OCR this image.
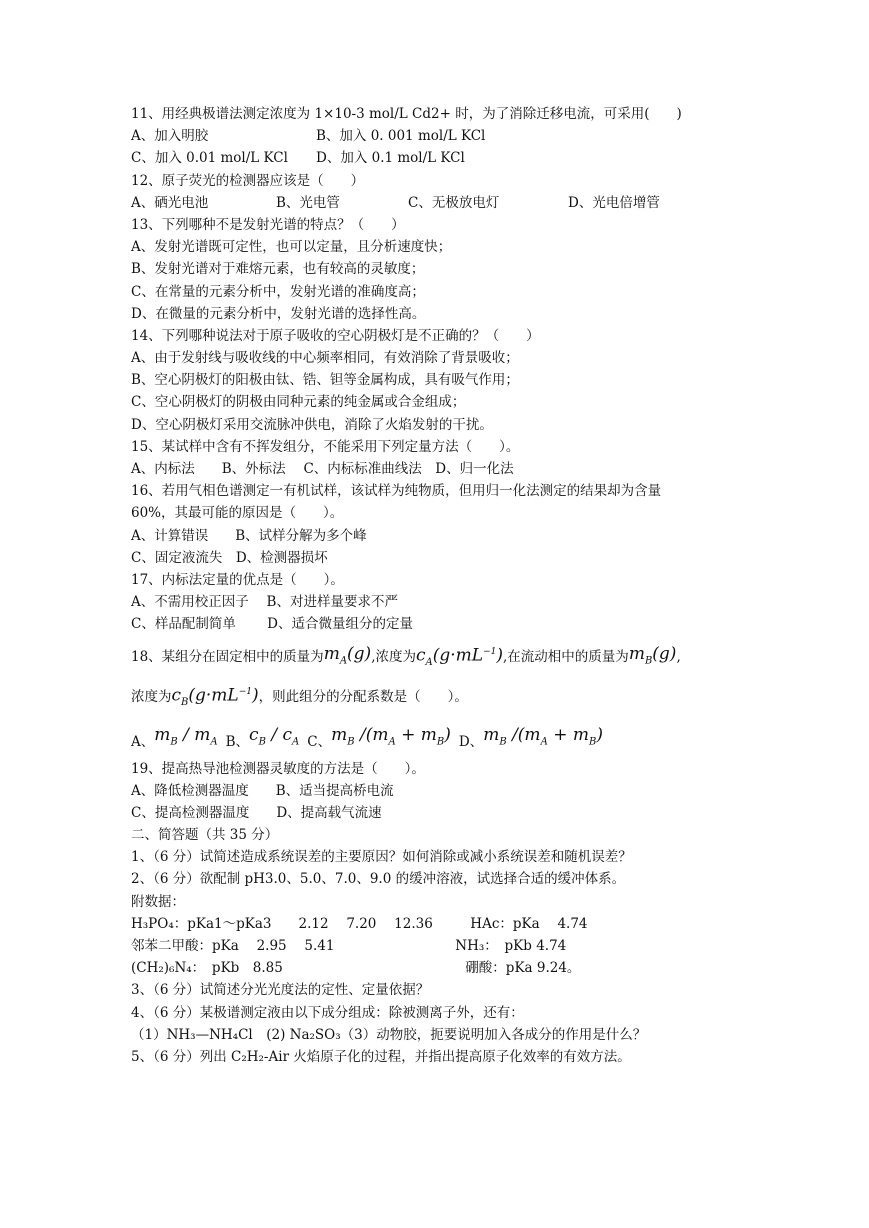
11、用经典极谱法测定浓度为 1×10-3 mol/L Cd2+ 时，为了消除迁移电流，可采用(　　)
A、加入明胶	B、加入 0. 001 mol/L KCl
C、加入 0.01 mol/L KCl	D、加入 0.1 mol/L KCl
12、原子荧光的检测器应该是（　　）
A、硒光电池	B、光电管	C、无极放电灯	D、光电倍增管
13、下列哪种不是发射光谱的特点？（　　）
A、发射光谱既可定性，也可以定量，且分析速度快；
B、发射光谱对于难熔元素，也有较高的灵敏度；
C、在常量的元素分析中，发射光谱的准确度高；
D、在微量的元素分析中，发射光谱的选择性高。
14、下列哪种说法对于原子吸收的空心阴极灯是不正确的？（　　）
A、由于发射线与吸收线的中心频率相同，有效消除了背景吸收；
B、空心阴极灯的阳极由钛、锆、钽等金属构成，具有吸气作用；
C、空心阴极灯的阴极由同种元素的纯金属或合金组成；
D、空心阴极灯采用交流脉冲供电，消除了火焰发射的干扰。
15、某试样中含有不挥发组分，不能采用下列定量方法（　　）。
A、内标法　　B、外标法　 C、内标标准曲线法　D、归一化法
16、若用气相色谱测定一有机试样，该试样为纯物质，但用归一化法测定的结果却为含量
60%，其最可能的原因是（　　）。
A、计算错误　　B、试样分解为多个峰
C、固定液流失　D、检测器损坏
17、内标法定量的优点是（　　）。
A、不需用校正因子　 B、对进样量要求不严
C、样品配制简单　　 D、适合微量组分的定量
18、某组分在固定相中的质量为 $m_A(g)$ ,浓度为 $c_A(g\cdot mL^{-1})$ ,在流动相中的质量为 $m_B(g)$ ,
浓度为 $c_B(g\cdot mL^{-1})$ ，则此组分的分配系数是（　　）。
A、 $m_B / m_A$ B、 $c_B / c_A$ C、 $m_B$ $/(m_A + m_B)$ D、 $m_B$ $/(m_A + m_B)$
19、提高热导池检测器灵敏度的方法是（　　）。
A、降低检测器温度　　B、适当提高桥电流
C、提高检测器温度　　D、提高载气流速
二、简答题（共 35 分）
1、（6 分）试简述造成系统误差的主要原因？如何消除或减小系统误差和随机误差？
2、（6 分）欲配制 pH3.0、5.0、7.0、9.0 的缓冲溶液，试选择合适的缓冲体系。
附数据：
H₃PO₄：pKa1～pKa3　　2.12　 7.20　 12.36	HAc：pKa　 4.74
邻苯二甲酸：pKa　 2.95　 5.41	NH₃：　pKb 4.74
(CH₂)₆N₄：　pKb　8.85	硼酸：pKa 9.24。
3、（6 分）试简述分光光度法的定性、定量依据？
4、（6 分）某极谱测定液由以下成分组成：除被测离子外，还有：
（1）NH₃—NH₄Cl　(2) Na₂SO₃（3）动物胶，扼要说明加入各成分的作用是什么？
5、（6 分）列出 C₂H₂-Air 火焰原子化的过程，并指出提高原子化效率的有效方法。
